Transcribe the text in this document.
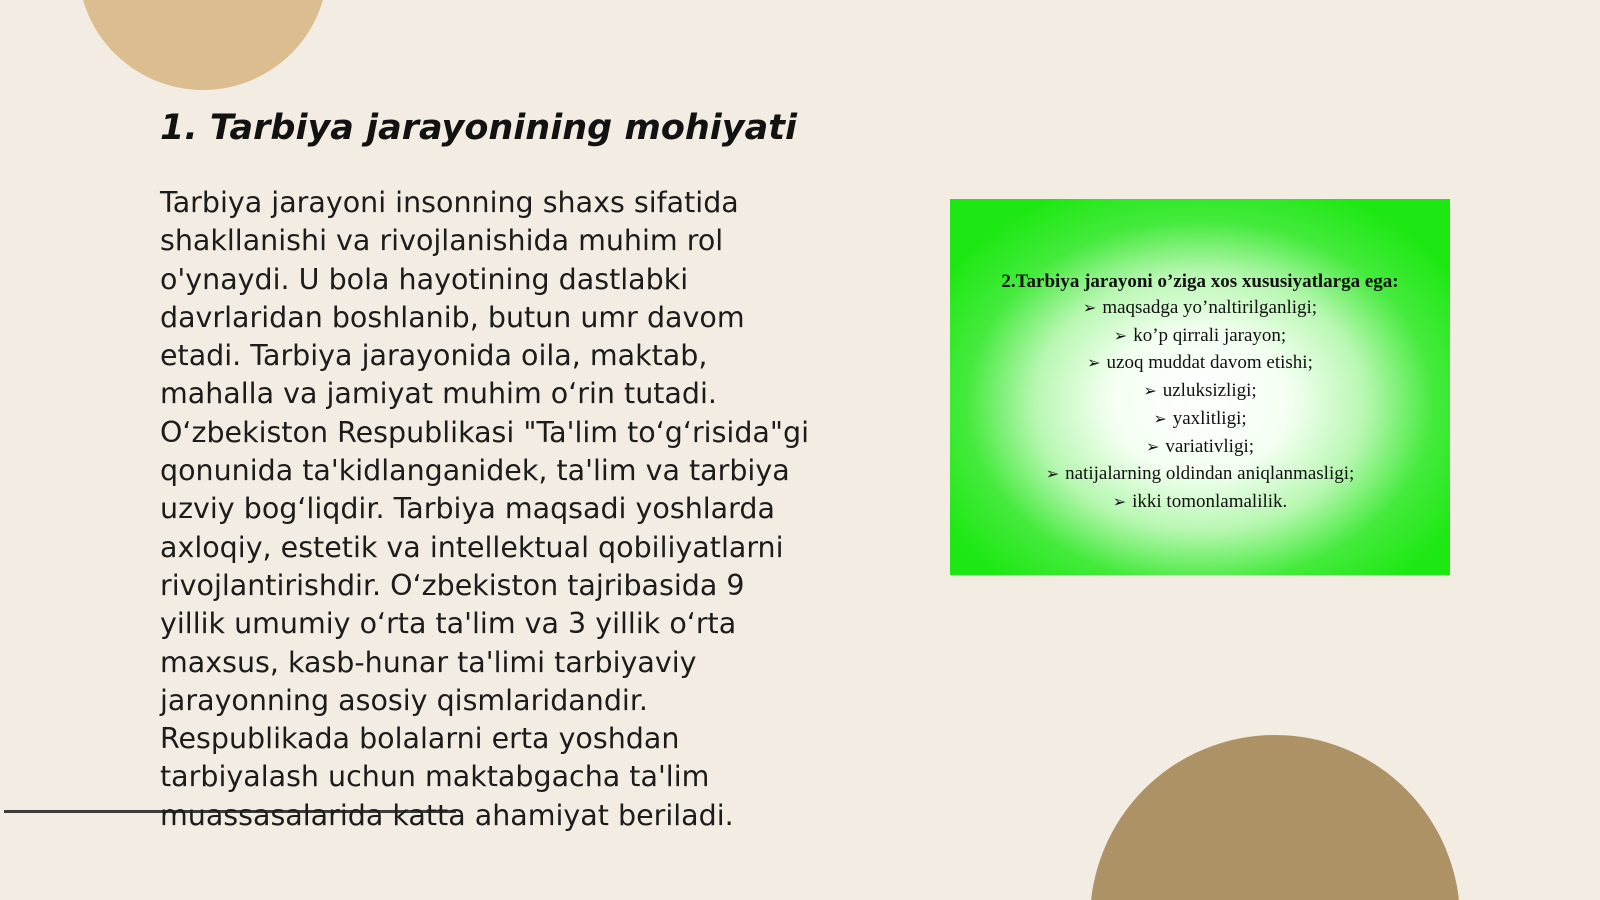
1. Tarbiya jarayonining mohiyati

Tarbiya jarayoni insonning shaxs sifatida
shakllanishi va rivojlanishida muhim rol
o'ynaydi. U bola hayotining dastlabki
davrlaridan boshlanib, butun umr davom
etadi. Tarbiya jarayonida oila, maktab,
mahalla va jamiyat muhim oʻrin tutadi.
Oʻzbekiston Respublikasi "Ta'lim toʻgʻrisida"gi
qonunida ta'kidlanganidek, ta'lim va tarbiya
uzviy bogʻliqdir. Tarbiya maqsadi yoshlarda
axloqiy, estetik va intellektual qobiliyatlarni
rivojlantirishdir. Oʻzbekiston tajribasida 9
yillik umumiy oʻrta ta'lim va 3 yillik oʻrta
maxsus, kasb-hunar ta'limi tarbiyaviy
jarayonning asosiy qismlaridandir.
Respublikada bolalarni erta yoshdan
tarbiyalash uchun maktabgacha ta'lim
muassasalarida katta ahamiyat beriladi.

2.Tarbiya jarayoni o’ziga xos xususiyatlarga ega:
➢ maqsadga yo’naltirilganligi;
➢ ko’p qirrali jarayon;
➢ uzoq muddat davom etishi;
➢ uzluksizligi;
➢ yaxlitligi;
➢ variativligi;
➢ natijalarning oldindan aniqlanmasligi;
➢ ikki tomonlamalilik.
